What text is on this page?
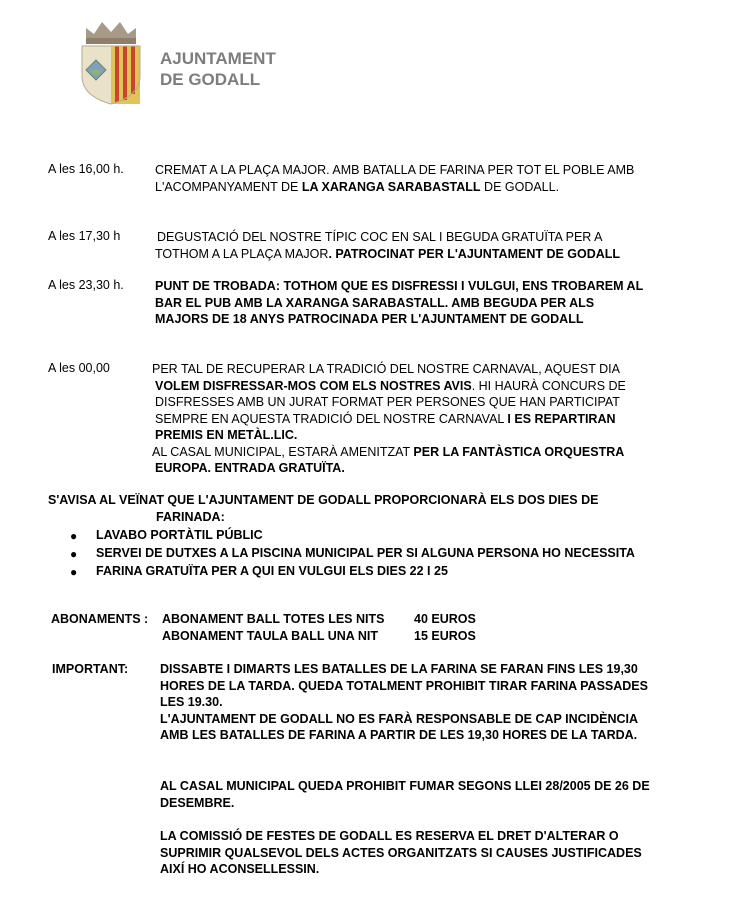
AJUNTAMENT
DE GODALL
A les 16,00 h. CREMAT A LA PLAÇA MAJOR. AMB BATALLA DE FARINA PER TOT EL POBLE AMB

L'ACOMPANYAMENT DE LA XARANGA SARABASTALL DE GODALL.

A les 17,30 h	DEGUSTACIÓ DEL NOSTRE TÍPIC COC EN SAL I BEGUDA GRATUÏTA PER A

TOTHOM A LA PLAÇA MAJOR. PATROCINAT PER L'AJUNTAMENT DE GODALL

A les 23,30 h. PUNT DE TROBADA: TOTHOM QUE ES DISFRESSI I VULGUI, ENS TROBAREM AL

BAR EL PUB AMB LA XARANGA SARABASTALL. AMB BEGUDA PER ALS

MAJORS DE 18 ANYS PATROCINADA PER L'AJUNTAMENT DE GODALL

A les 00,00	PER TAL DE RECUPERAR LA TRADICIÓ DEL NOSTRE CARNAVAL, AQUEST DIA

VOLEM DISFRESSAR-MOS COM ELS NOSTRES AVIS. HI HAURÀ CONCURS DE

DISFRESSES AMB UN JURAT FORMAT PER PERSONES QUE HAN PARTICIPAT

SEMPRE EN AQUESTA TRADICIÓ DEL NOSTRE CARNAVAL I ES REPARTIRAN

PREMIS EN METÀL.LIC.

AL CASAL MUNICIPAL, ESTARÀ AMENITZAT PER LA FANTÀSTICA ORQUESTRA

EUROPA. ENTRADA GRATUÏTA.

S'AVISA AL VEÏNAT QUE L'AJUNTAMENT DE GODALL PROPORCIONARÀ ELS DOS DIES DE

FARINADA:

● LAVABO PORTÀTIL PÚBLIC
● SERVEI DE DUTXES A LA PISCINA MUNICIPAL PER SI ALGUNA PERSONA HO NECESSITA
● FARINA GRATUÏTA PER A QUI EN VULGUI ELS DIES 22 I 25
ABONAMENTS : ABONAMENT BALL TOTES LES NITS 40 EUROS
ABONAMENT TAULA BALL UNA NIT	15 EUROS
IMPORTANT:	DISSABTE I DIMARTS LES BATALLES DE LA FARINA SE FARAN FINS LES 19,30

HORES DE LA TARDA. QUEDA TOTALMENT PROHIBIT TIRAR FARINA PASSADES

LES 19.30.

L'AJUNTAMENT DE GODALL NO ES FARÀ RESPONSABLE DE CAP INCIDÈNCIA

AMB LES BATALLES DE FARINA A PARTIR DE LES 19,30 HORES DE LA TARDA.

AL CASAL MUNICIPAL QUEDA PROHIBIT FUMAR SEGONS LLEI 28/2005 DE 26 DE

DESEMBRE.

LA COMISSIÓ DE FESTES DE GODALL ES RESERVA EL DRET D'ALTERAR O

SUPRIMIR QUALSEVOL DELS ACTES ORGANITZATS SI CAUSES JUSTIFICADES

AIXÍ HO ACONSELLESSIN.
